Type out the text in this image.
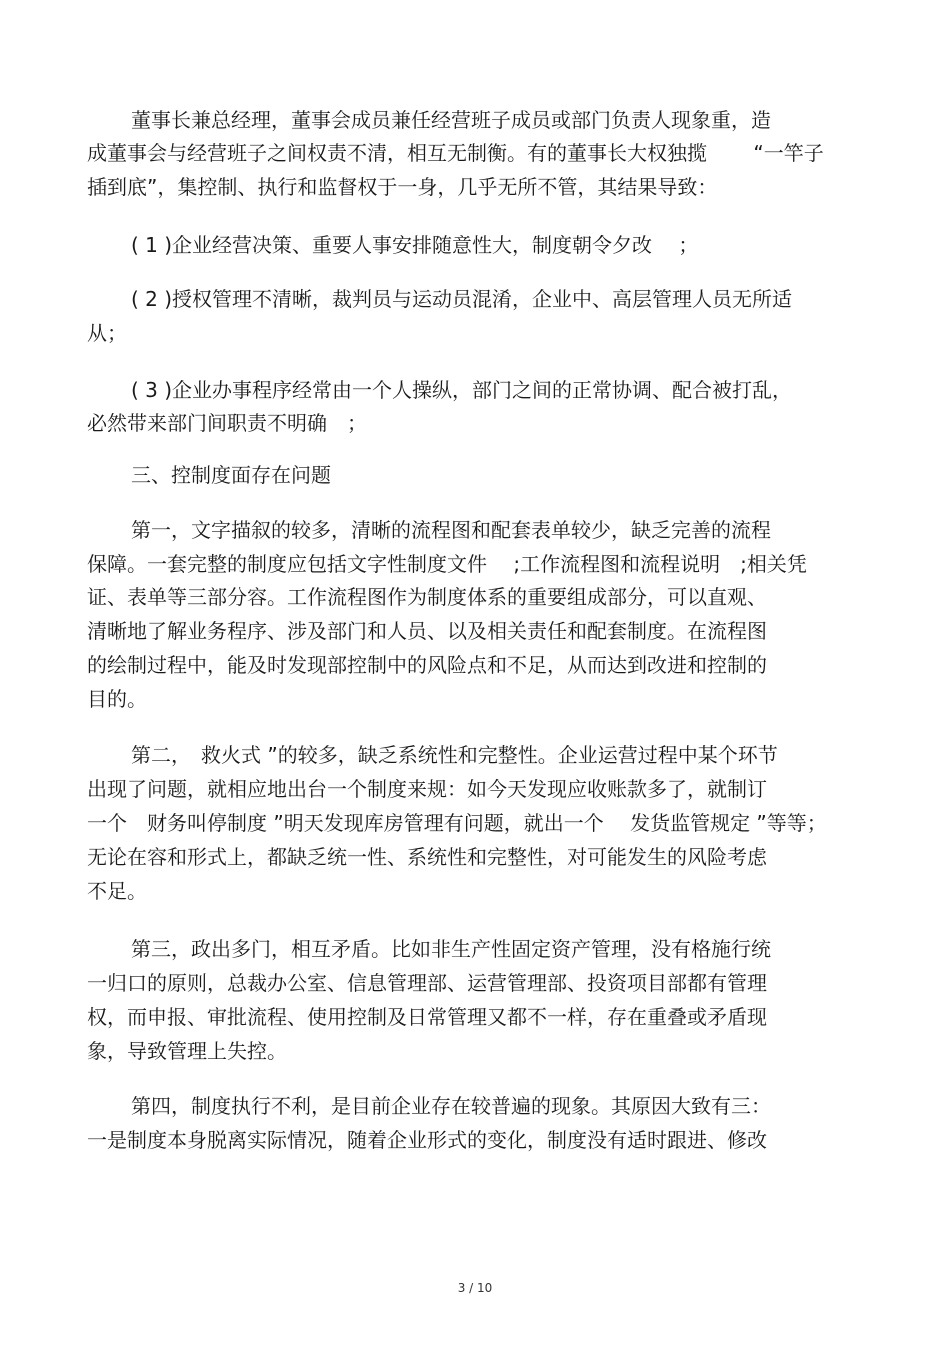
董事长兼总经理，董事会成员兼任经营班子成员或部门负责人现象重，造
成董事会与经营班子之间权责不清，相互无制衡。有的董事长大权独揽　　 “一竿子
插到底”，集控制、执行和监督权于一身，几乎无所不管，其结果导致：
( 1 )企业经营决策、重要人事安排随意性大，制度朝令夕改　 ；
( 2 )授权管理不清晰，裁判员与运动员混淆，企业中、高层管理人员无所适
从；
( 3 )企业办事程序经常由一个人操纵，部门之间的正常协调、配合被打乱，
必然带来部门间职责不明确　；
三、控制度面存在问题
第一，文字描叙的较多，清晰的流程图和配套表单较少，缺乏完善的流程
保障。一套完整的制度应包括文字性制度文件　 ;工作流程图和流程说明　;相关凭
证、表单等三部分容。工作流程图作为制度体系的重要组成部分，可以直观、
清晰地了解业务程序、涉及部门和人员、以及相关责任和配套制度。在流程图
的绘制过程中，能及时发现部控制中的风险点和不足，从而达到改进和控制的
目的。
第二，　救火式 ”的较多，缺乏系统性和完整性。企业运营过程中某个环节
出现了问题，就相应地出台一个制度来规：如今天发现应收账款多了，就制订
一个　财务叫停制度 ”明天发现库房管理有问题，就出一个　 发货监管规定 ”等等；
无论在容和形式上，都缺乏统一性、系统性和完整性，对可能发生的风险考虑
不足。
第三，政出多门，相互矛盾。比如非生产性固定资产管理，没有格施行统
一归口的原则，总裁办公室、信息管理部、运营管理部、投资项目部都有管理
权，而申报、审批流程、使用控制及日常管理又都不一样，存在重叠或矛盾现
象，导致管理上失控。
第四，制度执行不利，是目前企业存在较普遍的现象。其原因大致有三：
一是制度本身脱离实际情况，随着企业形式的变化，制度没有适时跟进、修改
3 / 10
